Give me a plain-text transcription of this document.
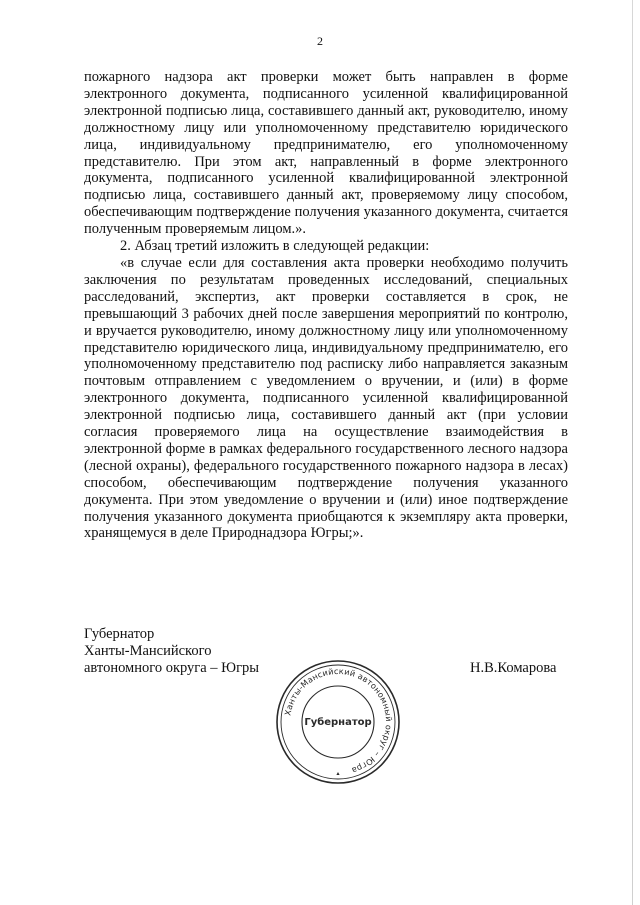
2

пожарного надзора акт проверки может быть направлен в форме электронного документа, подписанного усиленной квалифицированной электронной подписью лица, составившего данный акт, руководителю, иному должностному лицу или уполномоченному представителю юридического лица, индивидуальному предпринимателю, его уполномоченному представителю. При этом акт, направленный в форме электронного документа, подписанного усиленной квалифицированной электронной подписью лица, составившего данный акт, проверяемому лицу способом, обеспечивающим подтверждение получения указанного документа, считается полученным проверяемым лицом.».

2. Абзац третий изложить в следующей редакции:

«в случае если для составления акта проверки необходимо получить заключения по результатам проведенных исследований, специальных расследований, экспертиз, акт проверки составляется в срок, не превышающий 3 рабочих дней после завершения мероприятий по контролю, и вручается руководителю, иному должностному лицу или уполномоченному представителю юридического лица, индивидуальному предпринимателю, его уполномоченному представителю под расписку либо направляется заказным почтовым отправлением с уведомлением о вручении, и (или) в форме электронного документа, подписанного усиленной квалифицированной электронной подписью лица, составившего данный акт (при условии согласия проверяемого лица на осуществление взаимодействия в электронной форме в рамках федерального государственного лесного надзора (лесной охраны), федерального государственного пожарного надзора в лесах) способом, обеспечивающим подтверждение получения указанного документа. При этом уведомление о вручении и (или) иное подтверждение получения указанного документа приобщаются к экземпляру акта проверки, хранящемуся в деле Природнадзора Югры;».

Губернатор
Ханты-Мансийского
автономного округа – Югры	Н.В.Комарова
Ханты-Мансийский автономный округ – Югра
Губернатор
